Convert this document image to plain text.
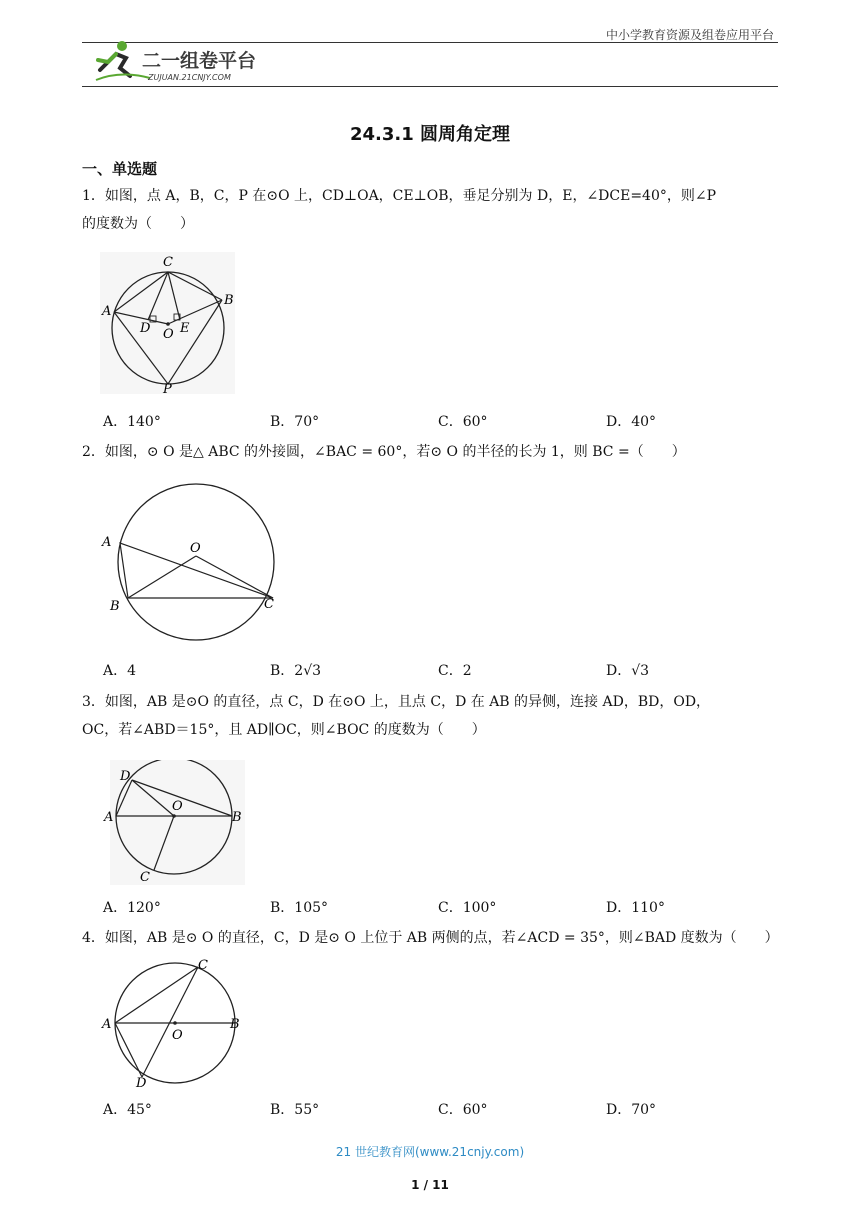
中小学教育资源及组卷应用平台
二一组卷平台
ZUJUAN.21CNJY.COM
24.3.1 圆周角定理
一、单选题
1．如图，点 A，B，C，P 在⊙O 上，CD⊥OA，CE⊥OB，垂足分别为 D，E，∠DCE=40°，则∠P
的度数为（　　）
C
A
B
D O E
P
A．140°	B．70°	C．60°	D．40°
2．如图，⊙ O 是△ ABC 的外接圆，∠BAC = 60°，若⊙ O 的半径的长为 1，则 BC =（　　）
A	O
B	C
A．4	B．2√3	C．2	D．√3
3．如图，AB 是⊙O 的直径，点 C，D 在⊙O 上，且点 C，D 在 AB 的异侧，连接 AD，BD，OD，
OC，若∠ABD＝15°，且 AD∥OC，则∠BOC 的度数为（　　）
D
O
A	B
C
A．120°	B．105°	C．100°	D．110°
4．如图，AB 是⊙ O 的直径，C，D 是⊙ O 上位于 AB 两侧的点，若∠ACD = 35°，则∠BAD 度数为（　　）
C
A
O
B
D
A．45°	B．55°	C．60°	D．70°
21 世纪教育网(www.21cnjy.com)
1 / 11
